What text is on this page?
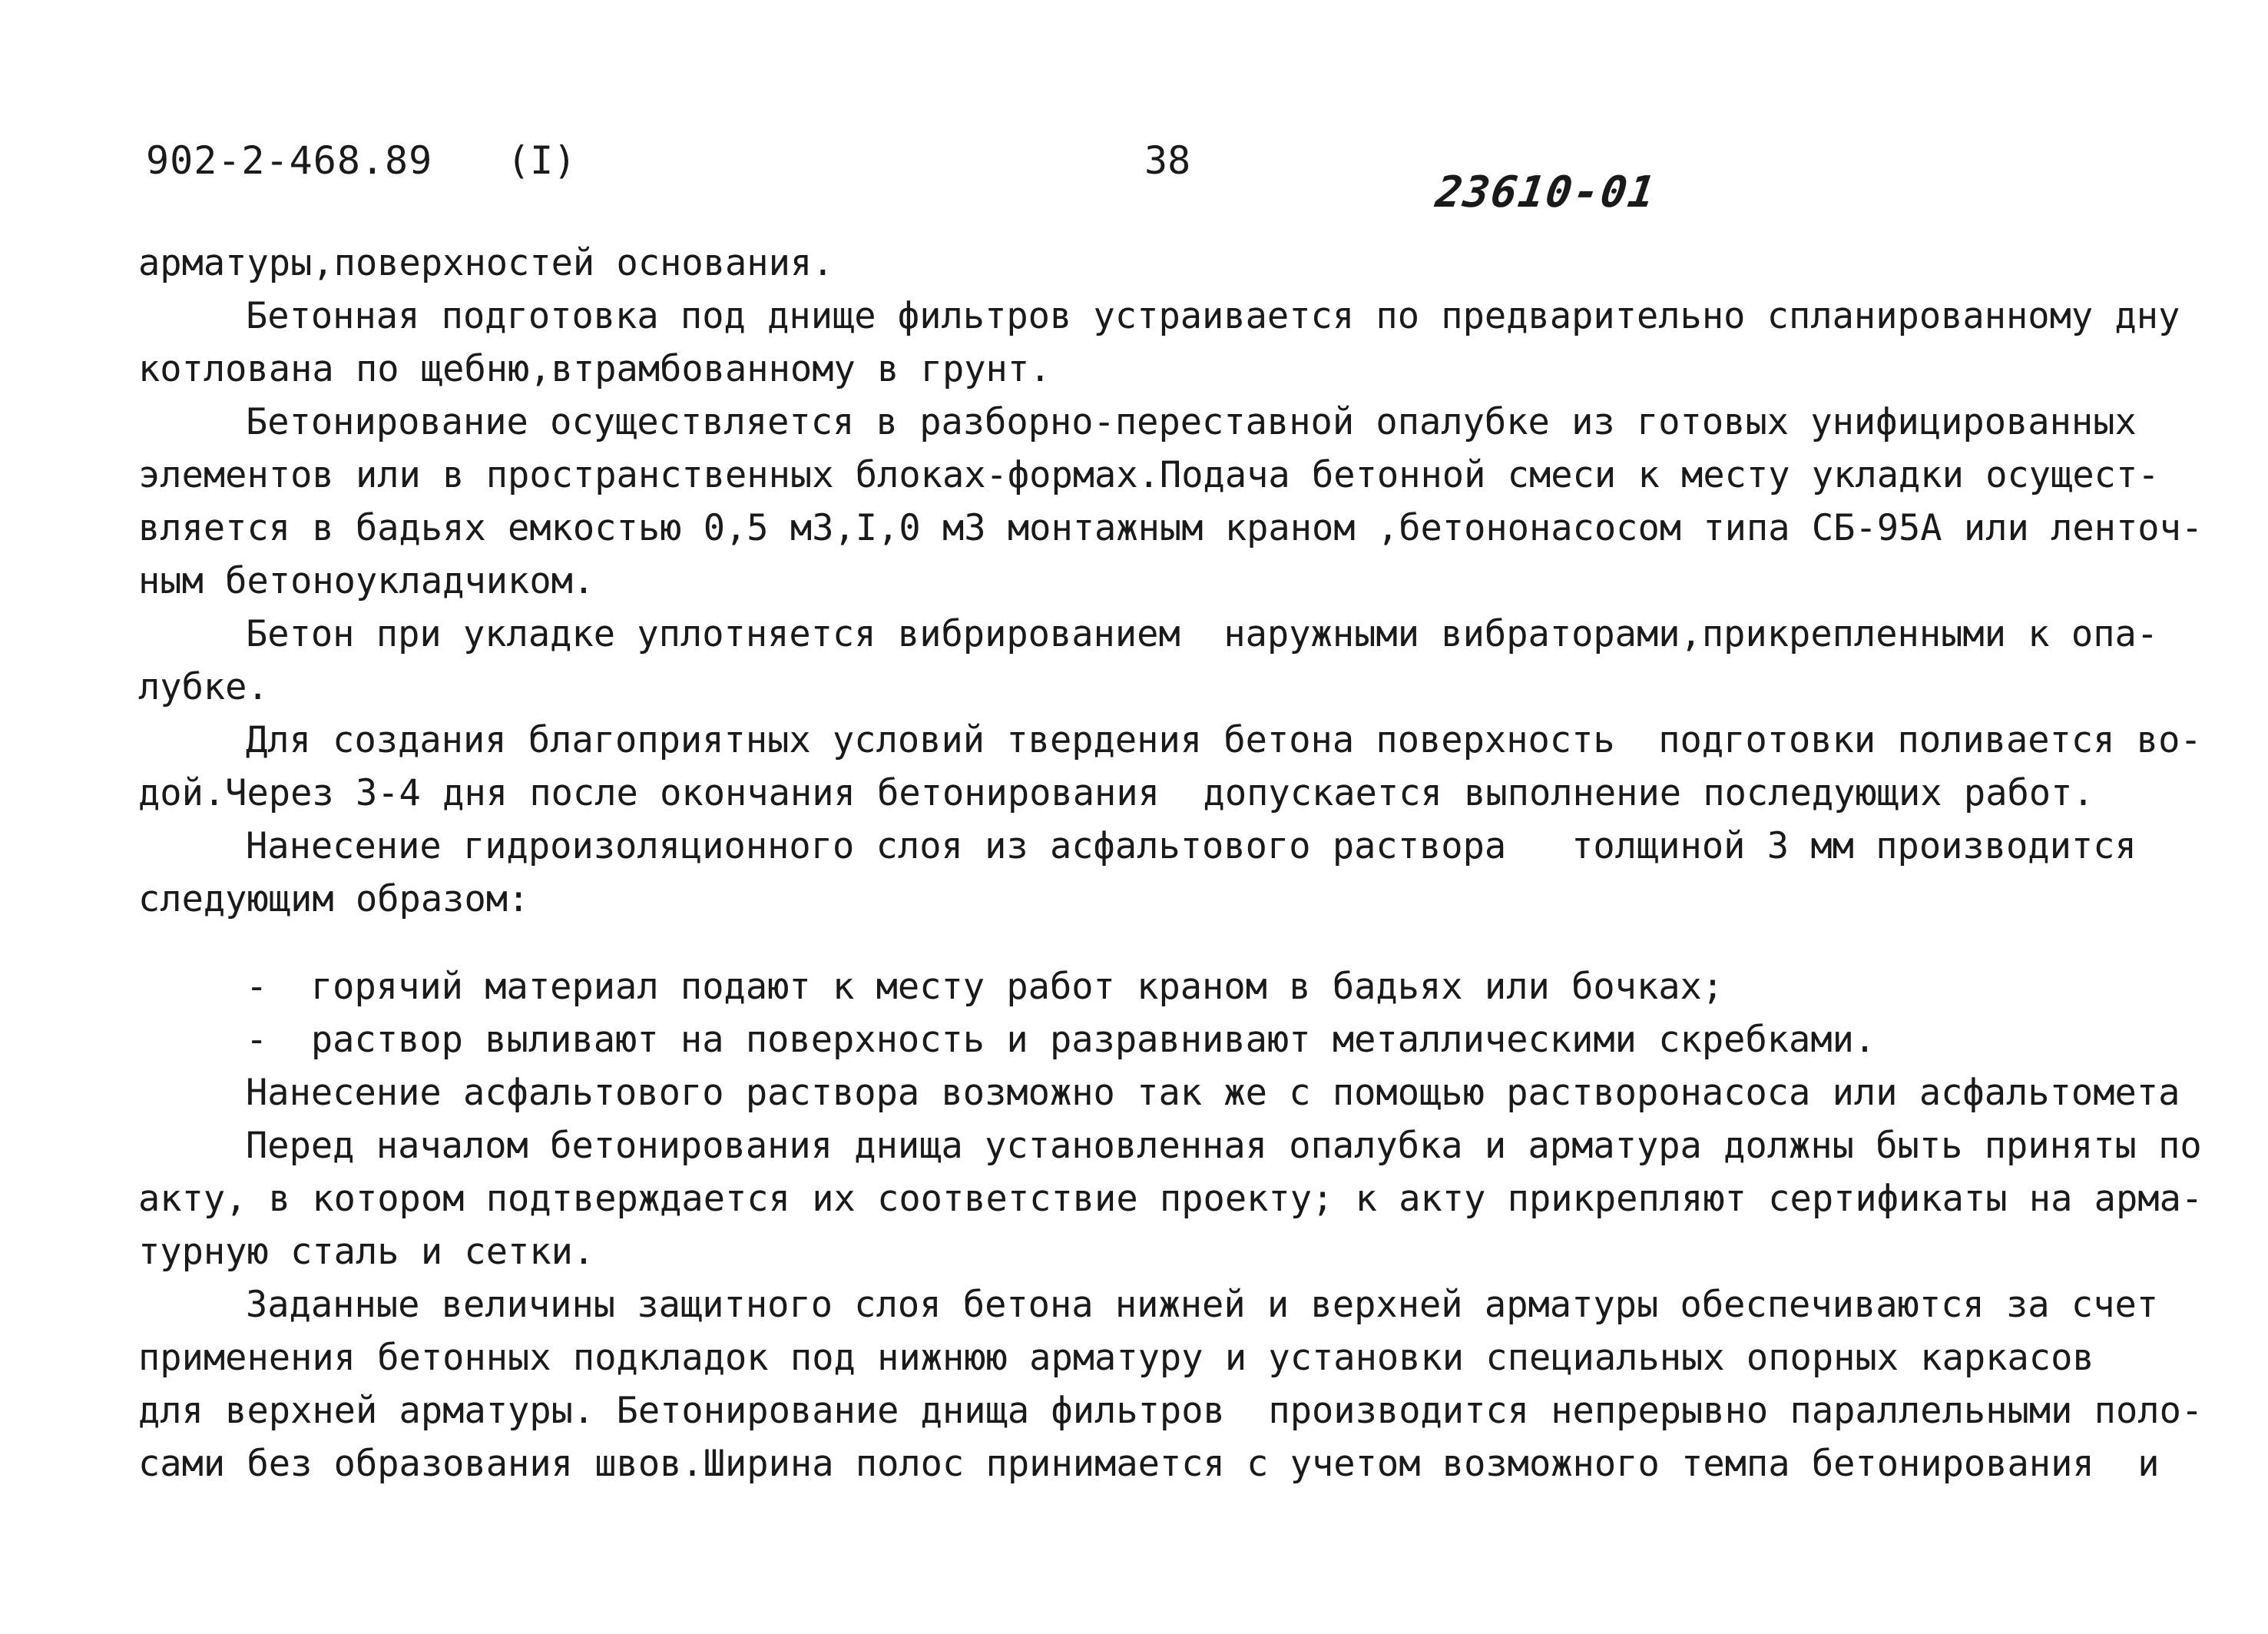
902-2-468.89 (I)	38
23610-01
арматуры,поверхностей основания.
Бетонная подготовка под днище фильтров устраивается по предварительно спланированному дну
котлована по щебню,втрамбованному в грунт.
Бетонирование осуществляется в разборно-переставной опалубке из готовых унифицированных
элементов или в пространственных блоках-формах.Подача бетонной смеси к месту укладки осущест-
вляется в бадьях емкостью 0,5 м3,I,0 м3 монтажным краном ,бетононасосом типа СБ-95А или ленточ-
ным бетоноукладчиком.
Бетон при укладке уплотняется вибрированием  наружными вибраторами,прикрепленными к опа-
лубке.
Для создания благоприятных условий твердения бетона поверхность  подготовки поливается во-
дой.Через 3-4 дня после окончания бетонирования  допускается выполнение последующих работ.
Нанесение гидроизоляционного слоя из асфальтового раствора   толщиной 3 мм производится
следующим образом:
-  горячий материал подают к месту работ краном в бадьях или бочках;
-  раствор выливают на поверхность и разравнивают металлическими скребками.
Нанесение асфальтового раствора возможно так же с помощью растворонасоса или асфальтомета
Перед началом бетонирования днища установленная опалубка и арматура должны быть приняты по
акту, в котором подтверждается их соответствие проекту; к акту прикрепляют сертификаты на арма-
турную сталь и сетки.
Заданные величины защитного слоя бетона нижней и верхней арматуры обеспечиваются за счет
применения бетонных подкладок под нижнюю арматуру и установки специальных опорных каркасов
для верхней арматуры. Бетонирование днища фильтров  производится непрерывно параллельными поло-
сами без образования швов.Ширина полос принимается с учетом возможного темпа бетонирования  и
